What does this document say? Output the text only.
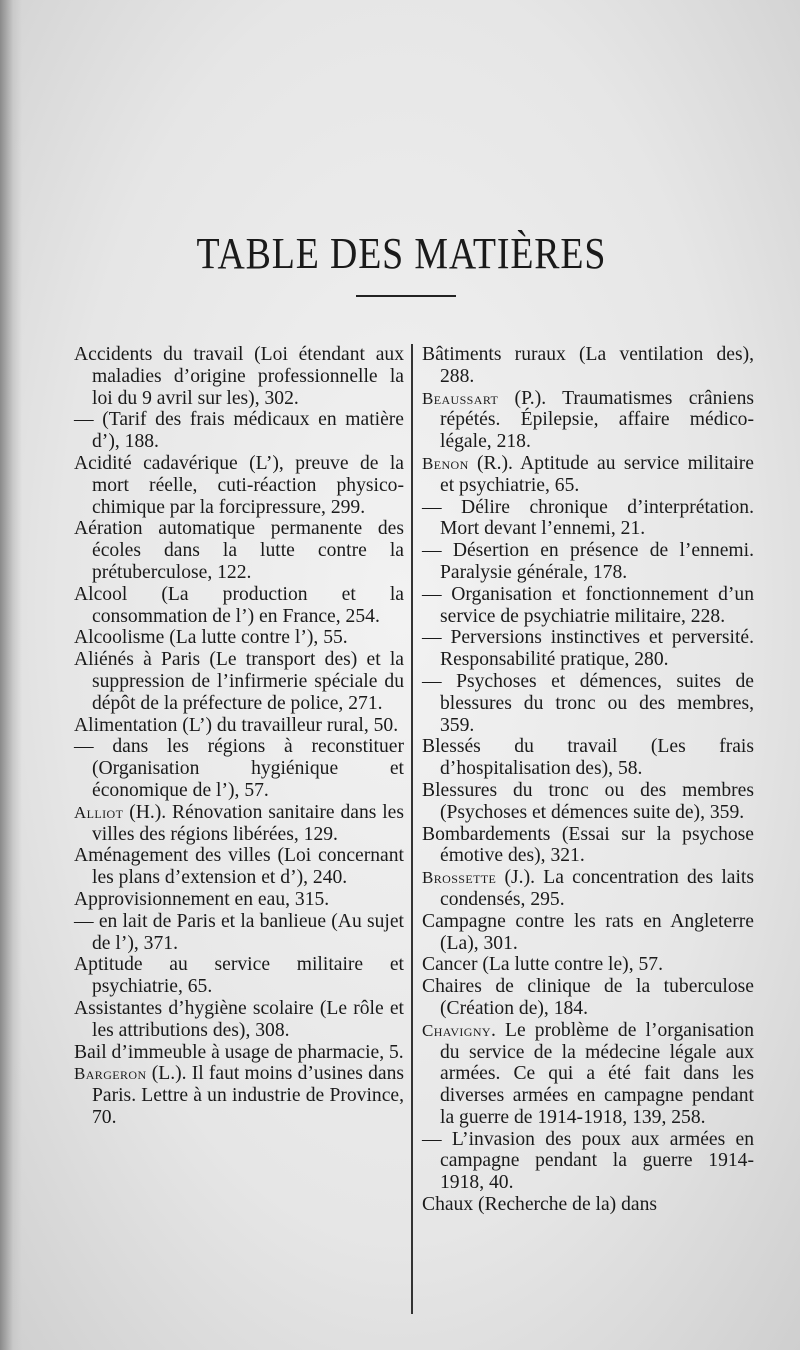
TABLE DES MATIÈRES
Accidents du travail (Loi étendant aux maladies d’origine professionnelle la loi du 9 avril sur les), 302.
— (Tarif des frais médicaux en matière d’), 188.
Acidité cadavérique (L’), preuve de la mort réelle, cuti-réaction physico-chimique par la forcipressure, 299.
Aération automatique permanente des écoles dans la lutte contre la prétuberculose, 122.
Alcool (La production et la consommation de l’) en France, 254.
Alcoolisme (La lutte contre l’), 55.
Aliénés à Paris (Le transport des) et la suppression de l’infirmerie spéciale du dépôt de la préfecture de police, 271.
Alimentation (L’) du travailleur rural, 50.
— dans les régions à reconstituer (Organisation hygiénique et économique de l’), 57.
Alliot (H.). Rénovation sanitaire dans les villes des régions libérées, 129.
Aménagement des villes (Loi concernant les plans d’extension et d’), 240.
Approvisionnement en eau, 315.
— en lait de Paris et la banlieue (Au sujet de l’), 371.
Aptitude au service militaire et psychiatrie, 65.
Assistantes d’hygiène scolaire (Le rôle et les attributions des), 308.
Bail d’immeuble à usage de pharmacie, 5.
Bargeron (L.). Il faut moins d’usines dans Paris. Lettre à un industrie de Province, 70.
Bâtiments ruraux (La ventilation des), 288.
Beaussart (P.). Traumatismes crâniens répétés. Épilepsie, affaire médico-légale, 218.
Benon (R.). Aptitude au service militaire et psychiatrie, 65.
— Délire chronique d’interprétation. Mort devant l’ennemi, 21.
— Désertion en présence de l’ennemi. Paralysie générale, 178.
— Organisation et fonctionnement d’un service de psychiatrie militaire, 228.
— Perversions instinctives et perversité. Responsabilité pratique, 280.
— Psychoses et démences, suites de blessures du tronc ou des membres, 359.
Blessés du travail (Les frais d’hospitalisation des), 58.
Blessures du tronc ou des membres (Psychoses et démences suite de), 359.
Bombardements (Essai sur la psychose émotive des), 321.
Brossette (J.). La concentration des laits condensés, 295.
Campagne contre les rats en Angleterre (La), 301.
Cancer (La lutte contre le), 57.
Chaires de clinique de la tuberculose (Création de), 184.
Chavigny. Le problème de l’organisation du service de la médecine légale aux armées. Ce qui a été fait dans les diverses armées en campagne pendant la guerre de 1914-1918, 139, 258.
— L’invasion des poux aux armées en campagne pendant la guerre 1914-1918, 40.
Chaux (Recherche de la) dans
